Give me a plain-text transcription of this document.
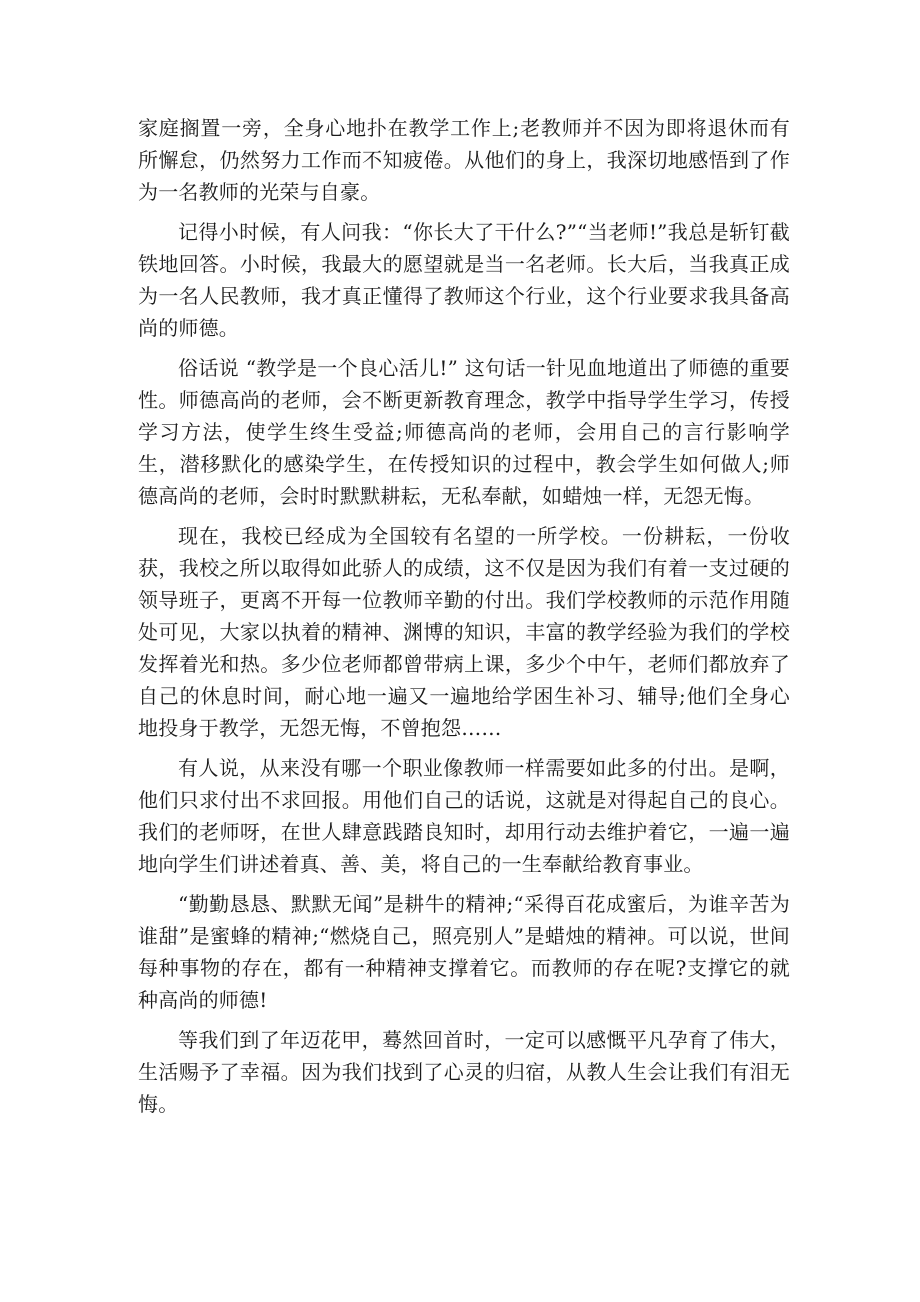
家庭搁置一旁，全身心地扑在教学工作上;老教师并不因为即将退休而有所懈怠，仍然努力工作而不知疲倦。从他们的身上，我深切地感悟到了作为一名教师的光荣与自豪。

记得小时候，有人问我：“你长大了干什么?”“当老师!”我总是斩钉截铁地回答。小时候，我最大的愿望就是当一名老师。长大后，当我真正成为一名人民教师，我才真正懂得了教师这个行业，这个行业要求我具备高尚的师德。

俗话说 “教学是一个良心活儿!” 这句话一针见血地道出了师德的重要性。师德高尚的老师，会不断更新教育理念，教学中指导学生学习，传授学习方法，使学生终生受益;师德高尚的老师，会用自己的言行影响学生，潜移默化的感染学生，在传授知识的过程中，教会学生如何做人;师德高尚的老师，会时时默默耕耘，无私奉献，如蜡烛一样，无怨无悔。

现在，我校已经成为全国较有名望的一所学校。一份耕耘，一份收获，我校之所以取得如此骄人的成绩，这不仅是因为我们有着一支过硬的领导班子，更离不开每一位教师辛勤的付出。我们学校教师的示范作用随处可见，大家以执着的精神、渊博的知识，丰富的教学经验为我们的学校发挥着光和热。多少位老师都曾带病上课，多少个中午，老师们都放弃了自己的休息时间，耐心地一遍又一遍地给学困生补习、辅导;他们全身心地投身于教学，无怨无悔，不曾抱怨……

有人说，从来没有哪一个职业像教师一样需要如此多的付出。是啊，他们只求付出不求回报。用他们自己的话说，这就是对得起自己的良心。我们的老师呀，在世人肆意践踏良知时，却用行动去维护着它，一遍一遍地向学生们讲述着真、善、美，将自己的一生奉献给教育事业。

“勤勤恳恳、默默无闻”是耕牛的精神;“采得百花成蜜后，为谁辛苦为谁甜”是蜜蜂的精神;“燃烧自己，照亮别人”是蜡烛的精神。可以说，世间每种事物的存在，都有一种精神支撑着它。而教师的存在呢?支撑它的就种高尚的师德!

等我们到了年迈花甲，蓦然回首时，一定可以感慨平凡孕育了伟大，生活赐予了幸福。因为我们找到了心灵的归宿，从教人生会让我们有泪无悔。
